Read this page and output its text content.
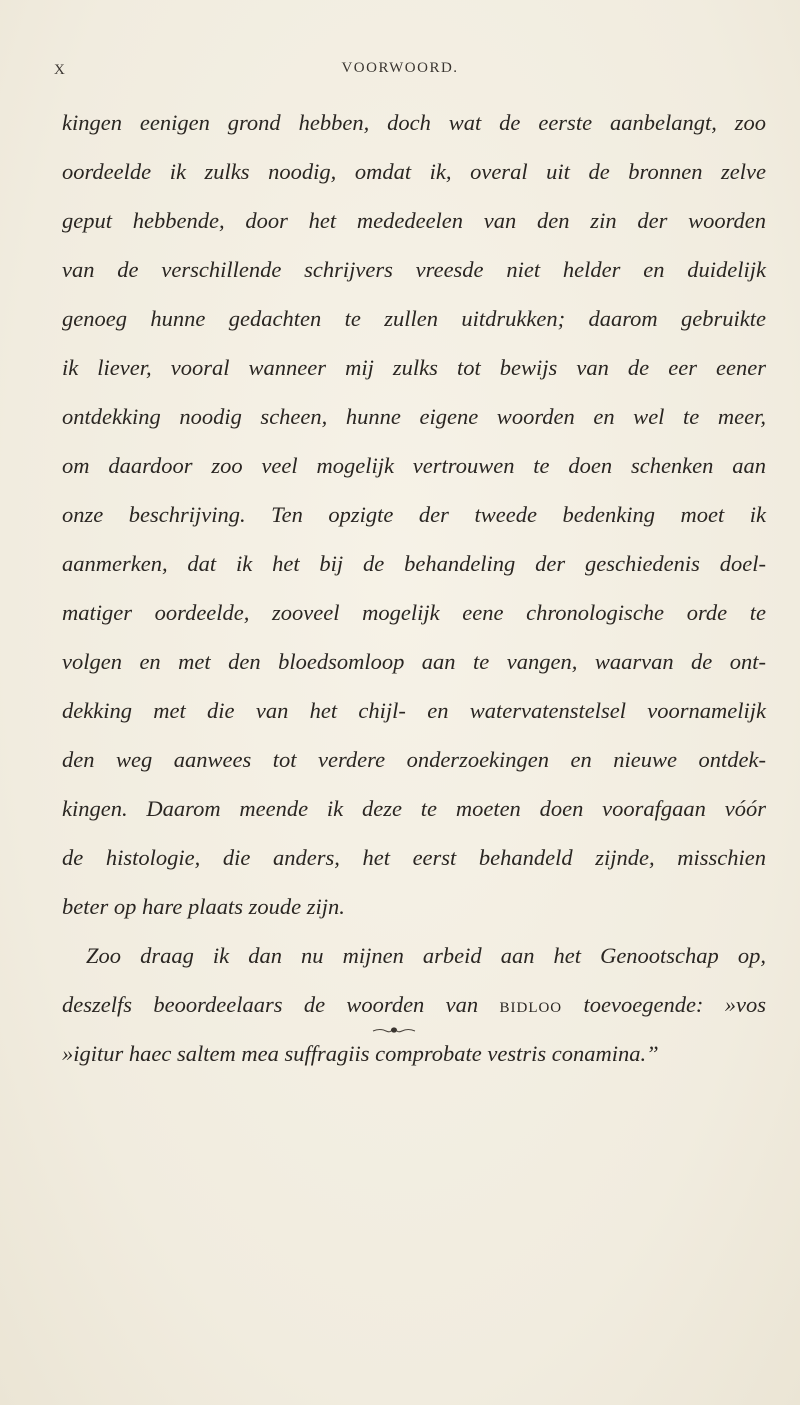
X	VOORWOORD.
kingen eenigen grond hebben, doch wat de eerste aanbelangt, zoo
oordeelde ik zulks noodig, omdat ik, overal uit de bronnen zelve
geput hebbende, door het mededeelen van den zin der woorden
van de verschillende schrijvers vreesde niet helder en duidelijk
genoeg hunne gedachten te zullen uitdrukken; daarom gebruikte
ik liever, vooral wanneer mij zulks tot bewijs van de eer eener
ontdekking noodig scheen, hunne eigene woorden en wel te meer,
om daardoor zoo veel mogelijk vertrouwen te doen schenken aan
onze beschrijving. Ten opzigte der tweede bedenking moet ik
aanmerken, dat ik het bij de behandeling der geschiedenis doel-
matiger oordeelde, zooveel mogelijk eene chronologische orde te
volgen en met den bloedsomloop aan te vangen, waarvan de ont-
dekking met die van het chijl- en watervatenstelsel voornamelijk
den weg aanwees tot verdere onderzoekingen en nieuwe ontdek-
kingen. Daarom meende ik deze te moeten doen voorafgaan vóór
de histologie, die anders, het eerst behandeld zijnde, misschien
beter op hare plaats zoude zijn.
Zoo draag ik dan nu mijnen arbeid aan het Genootschap op,
deszelfs beoordeelaars de woorden van BIDLOO toevoegende: »vos
»igitur haec saltem mea suffragiis comprobate vestris conamina.”
